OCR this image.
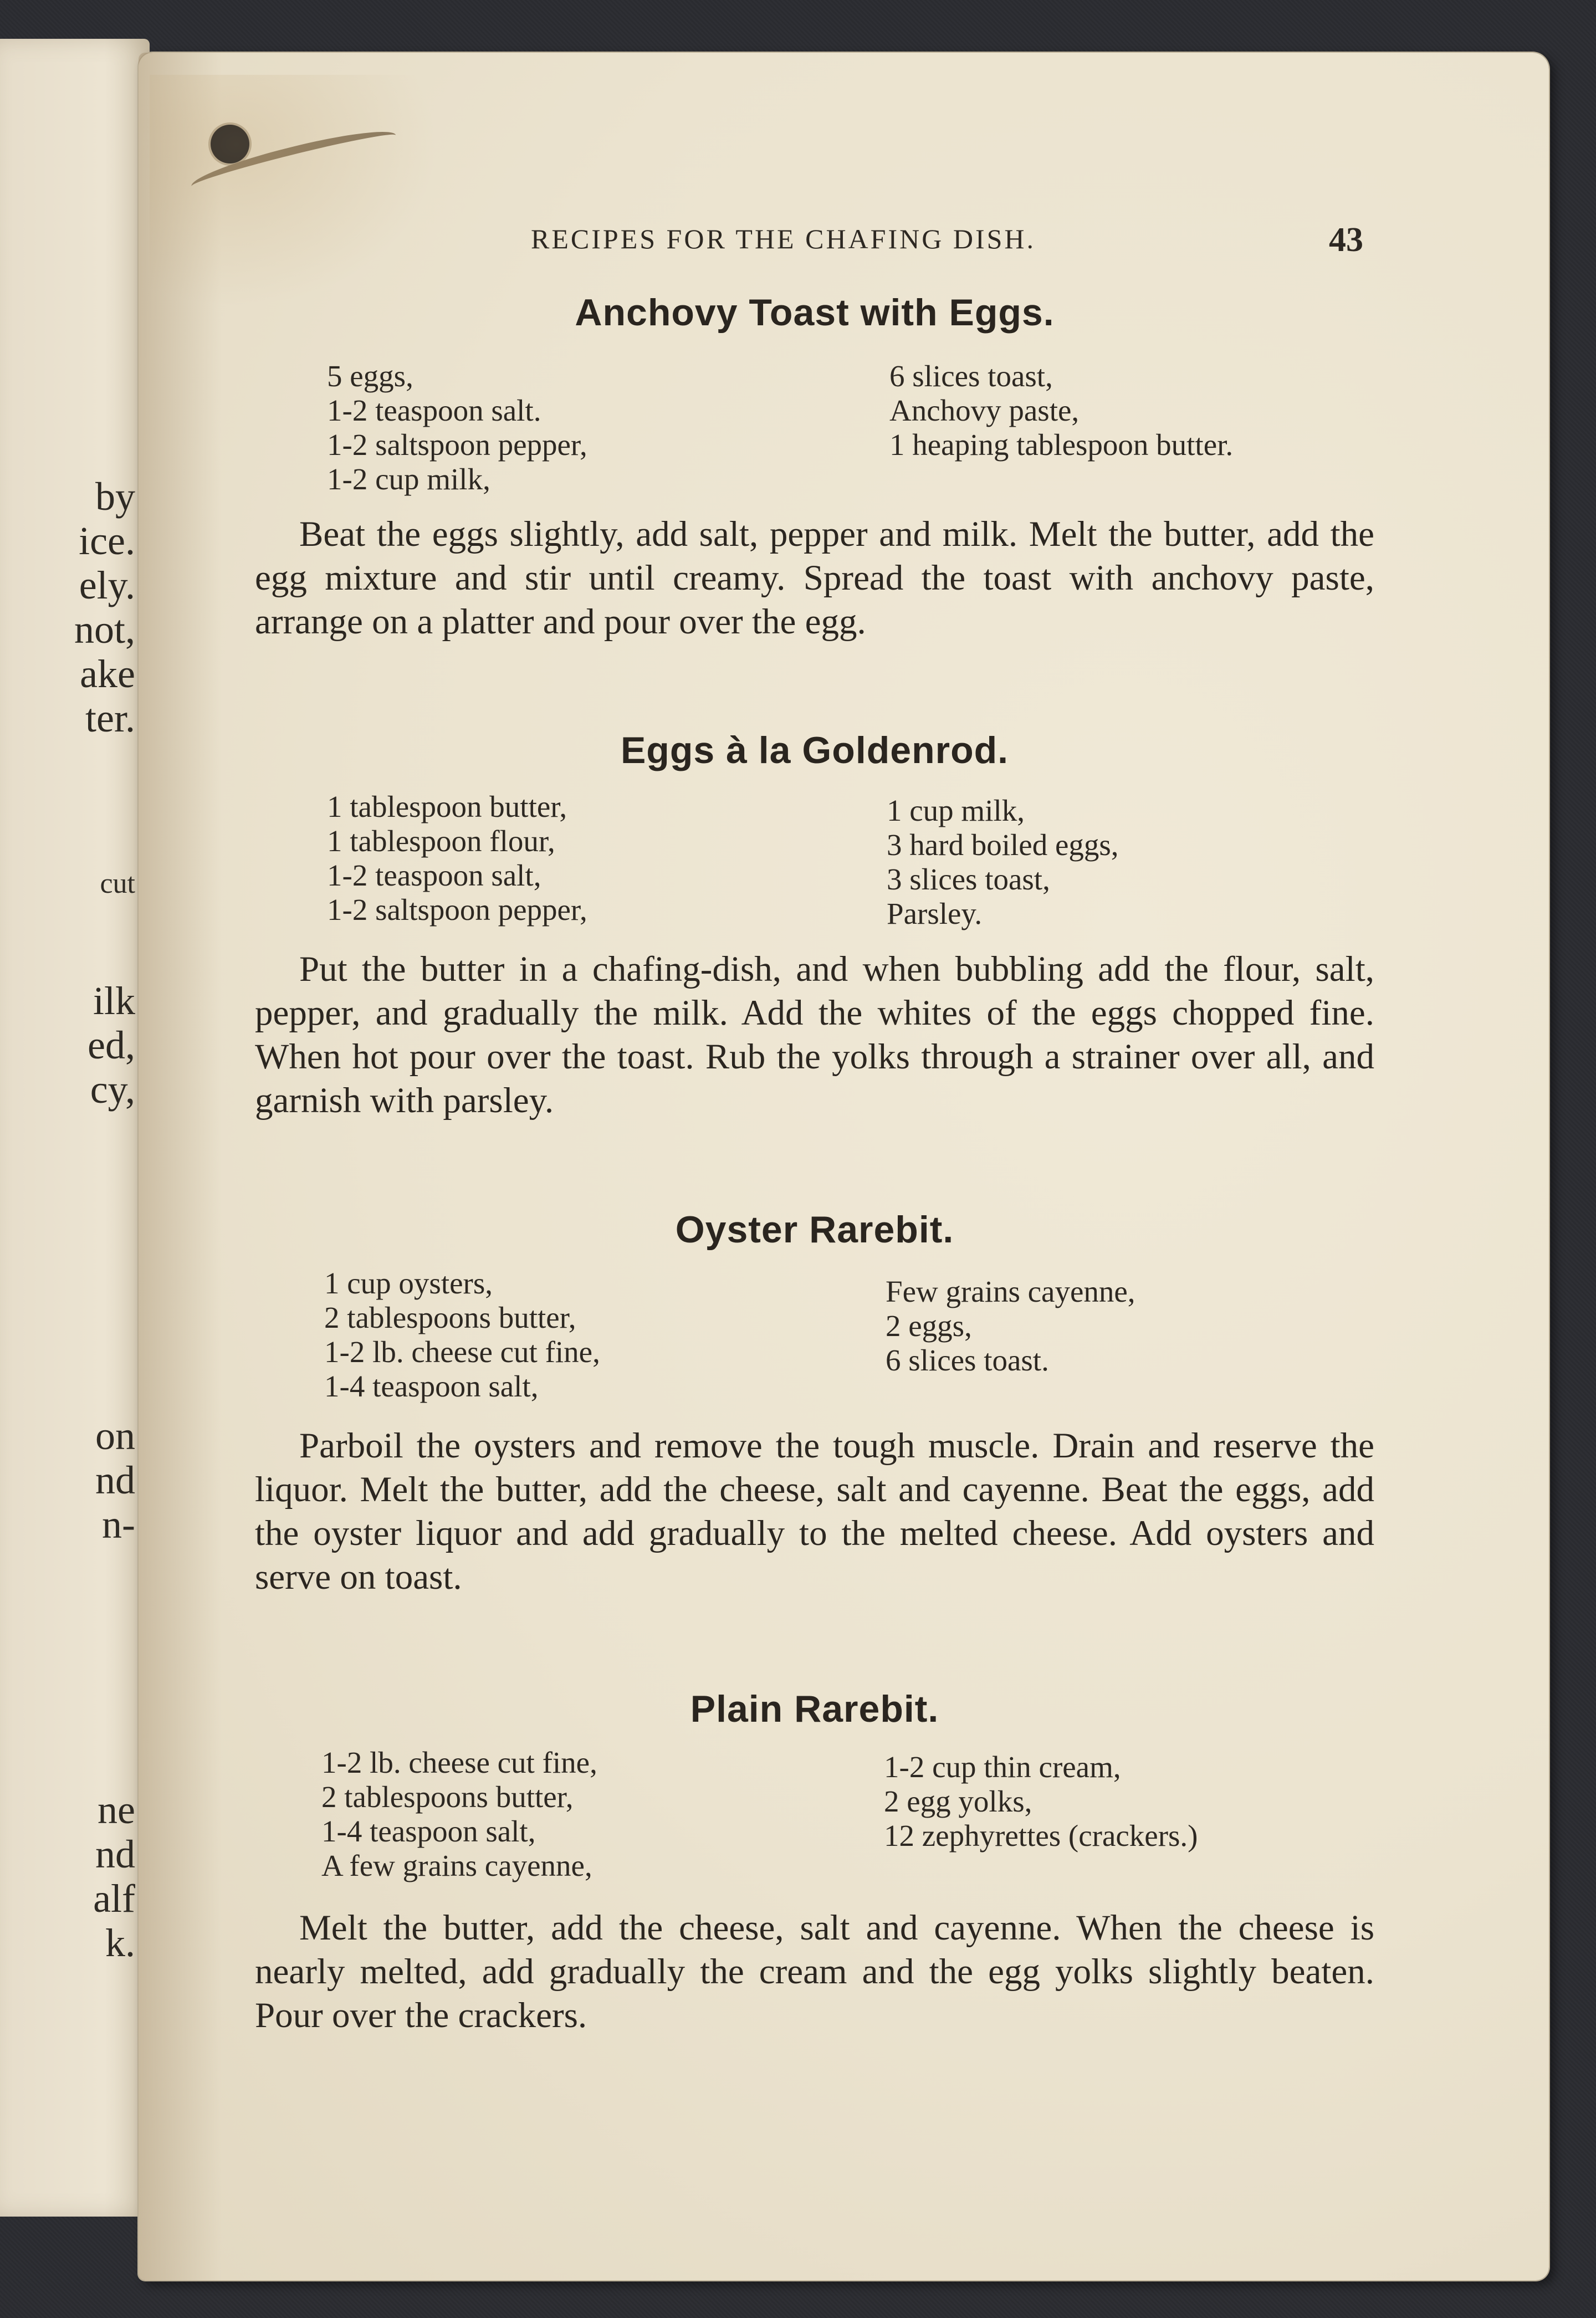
by
ice.
ely.
not,
ake
ter.
cut
ilk
ed,
cy,
on
nd
n-
ne
nd
alf
k.
RECIPES FOR THE CHAFING DISH.	43
Anchovy Toast with Eggs.
5 eggs,
1-2 teaspoon salt.
1-2 saltspoon pepper,
1-2 cup milk,
6 slices toast,
Anchovy paste,
1 heaping tablespoon butter.
Beat the eggs slightly, add salt, pepper and milk. Melt the butter, add the egg mixture and stir until creamy. Spread the toast with anchovy paste, arrange on a platter and pour over the egg.
Eggs à la Goldenrod.
1 tablespoon butter,
1 tablespoon flour,
1-2 teaspoon salt,
1-2 saltspoon pepper,
1 cup milk,
3 hard boiled eggs,
3 slices toast,
Parsley.
Put the butter in a chafing-dish, and when bubbling add the flour, salt, pepper, and gradually the milk. Add the whites of the eggs chopped fine. When hot pour over the toast. Rub the yolks through a strainer over all, and garnish with parsley.
Oyster Rarebit.
1 cup oysters,
2 tablespoons butter,
1-2 lb. cheese cut fine,
1-4 teaspoon salt,
Few grains cayenne,
2 eggs,
6 slices toast.
Parboil the oysters and remove the tough muscle. Drain and reserve the liquor. Melt the butter, add the cheese, salt and cayenne. Beat the eggs, add the oyster liquor and add gradually to the melted cheese. Add oysters and serve on toast.
Plain Rarebit.
1-2 lb. cheese cut fine,
2 tablespoons butter,
1-4 teaspoon salt,
A few grains cayenne,
1-2 cup thin cream,
2 egg yolks,
12 zephyrettes (crackers.)
Melt the butter, add the cheese, salt and cayenne. When the cheese is nearly melted, add gradually the cream and the egg yolks slightly beaten. Pour over the crackers.
